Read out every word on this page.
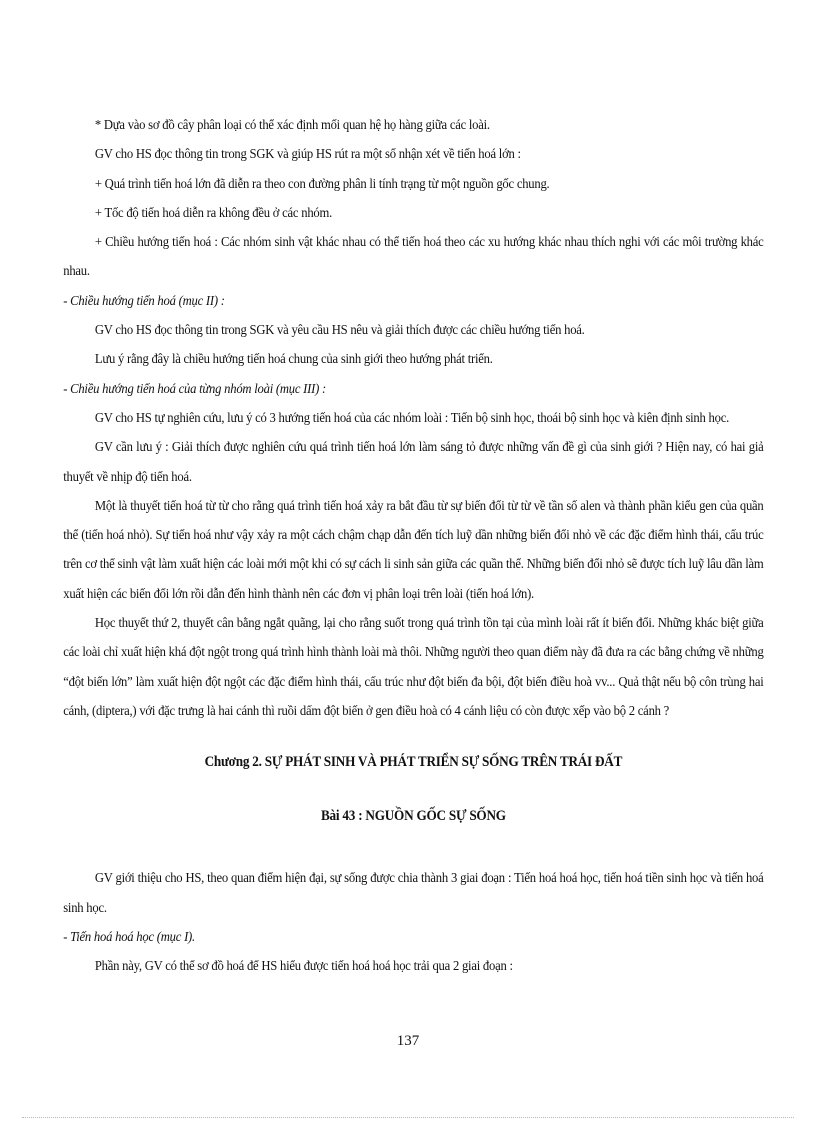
* Dựa vào sơ đồ cây phân loại có thể xác định mối quan hệ họ hàng giữa các loài.

GV cho HS đọc thông tin trong SGK và giúp HS rút ra một số nhận xét về tiến hoá lớn :

+ Quá trình tiến hoá lớn đã diễn ra theo con đường phân li tính trạng từ một nguồn gốc chung.

+ Tốc độ tiến hoá diễn ra không đều ở các nhóm.

+ Chiều hướng tiến hoá : Các nhóm sinh vật khác nhau có thể tiến hoá theo các xu hướng khác nhau thích nghi với các môi trường khác nhau.

- Chiều hướng tiến hoá (mục II) :

GV cho HS đọc thông tin trong SGK và yêu cầu HS nêu và giải thích được các chiều hướng tiến hoá.

Lưu ý rằng đây là chiều hướng tiến hoá chung của sinh giới theo hướng phát triển.

- Chiều hướng tiến hoá của từng nhóm loài (mục III) :

GV cho HS tự nghiên cứu, lưu ý có 3 hướng tiến hoá của các nhóm loài : Tiến bộ sinh học, thoái bộ sinh học và kiên định sinh học.

GV cần lưu ý : Giải thích được nghiên cứu quá trình tiến hoá lớn làm sáng tỏ được những vấn đề gì của sinh giới ? Hiện nay, có hai giả thuyết về nhịp độ tiến hoá.

Một là thuyết tiến hoá từ từ cho rằng quá trình tiến hoá xảy ra bắt đầu từ sự biến đổi từ từ về tần số alen và thành phần kiểu gen của quần thể (tiến hoá nhỏ). Sự tiến hoá như vậy xảy ra một cách chậm chạp dẫn đến tích luỹ dần những biến đổi nhỏ về các đặc điểm hình thái, cấu trúc trên cơ thể sinh vật làm xuất hiện các loài mới một khi có sự cách li sinh sản giữa các quần thể. Những biến đổi nhỏ sẽ được tích luỹ lâu dần làm xuất hiện các biến đổi lớn rồi dẫn đến hình thành nên các đơn vị phân loại trên loài (tiến hoá lớn).

Học thuyết thứ 2, thuyết cân bằng ngắt quãng, lại cho rằng suốt trong quá trình tồn tại của mình loài rất ít biến đổi. Những khác biệt giữa các loài chỉ xuất hiện khá đột ngột trong quá trình hình thành loài mà thôi. Những người theo quan điểm này đã đưa ra các bằng chứng về những “đột biến lớn” làm xuất hiện đột ngột các đặc điểm hình thái, cấu trúc như đột biến đa bội, đột biến điều hoà vv... Quả thật nếu bộ côn trùng hai cánh, (diptera,) với đặc trưng là hai cánh thì ruồi dấm đột biến ở gen điều hoà có 4 cánh liệu có còn được xếp vào bộ 2 cánh ?

Chương 2. SỰ PHÁT SINH VÀ PHÁT TRIỂN SỰ SỐNG TRÊN TRÁI ĐẤT

Bài 43 : NGUỒN GỐC SỰ SỐNG

GV giới thiệu cho HS, theo quan điểm hiện đại, sự sống được chia thành 3 giai đoạn : Tiến hoá hoá học, tiến hoá tiền sinh học và tiến hoá sinh học.

- Tiến hoá hoá học (mục I).

Phần này, GV có thể sơ đồ hoá để HS hiểu được tiến hoá hoá học trải qua 2 giai đoạn :

137
